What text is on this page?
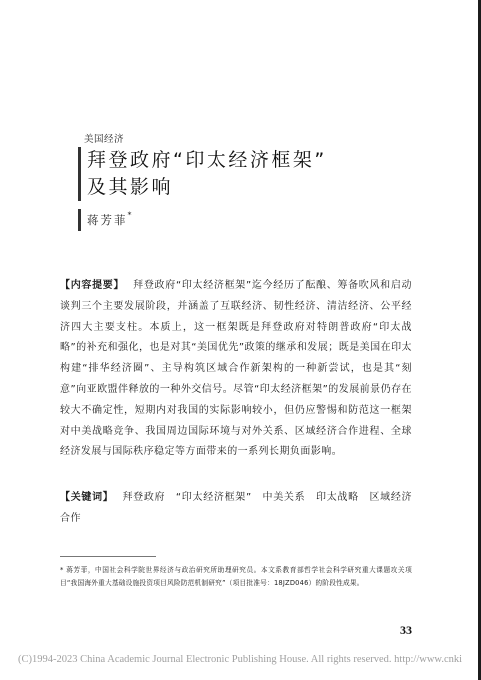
美国经济
拜登政府“印太经济框架”
及其影响
蒋芳菲*

【内容提要】 拜登政府“印太经济框架”迄今经历了酝酿、筹备吹风和启动谈判三个主要发展阶段，并涵盖了互联经济、韧性经济、清洁经济、公平经济四大主要支柱。本质上，这一框架既是拜登政府对特朗普政府“印太战略”的补充和强化，也是对其“美国优先”政策的继承和发展；既是美国在印太构建“排华经济圈”、主导构筑区域合作新架构的一种新尝试，也是其“刻意”向亚欧盟伴释放的一种外交信号。尽管“印太经济框架”的发展前景仍存在较大不确定性，短期内对我国的实际影响较小，但仍应警惕和防范这一框架对中美战略竞争、我国周边国际环境与对外关系、区域经济合作进程、全球经济发展与国际秩序稳定等方面带来的一系列长期负面影响。

【关键词】 拜登政府　“印太经济框架”　中美关系　印太战略　区域经济合作

* 蒋芳菲，中国社会科学院世界经济与政治研究所助理研究员。本文系教育部哲学社会科学研究重大课题攻关项目“我国海外重大基础设施投资项目风险防范机制研究”（项目批准号：18JZD046）的阶段性成果。

33
(C)1994-2023 China Academic Journal Electronic Publishing House. All rights reserved. http://www.cnki
